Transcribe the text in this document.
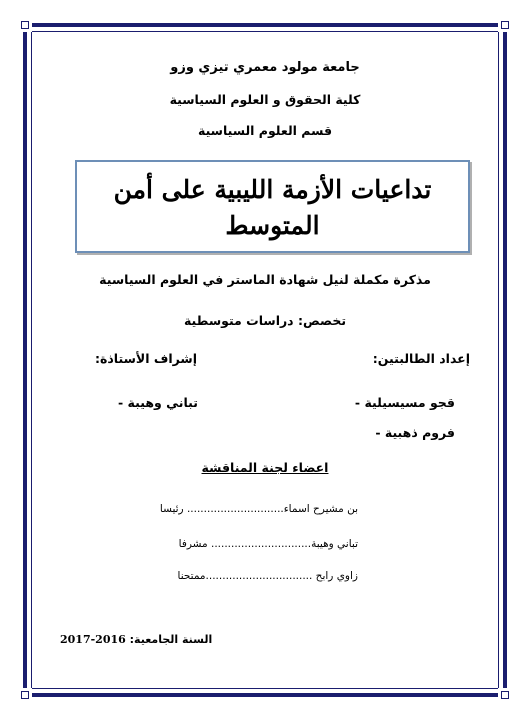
جامعة مولود معمري تيزي وزو
كلية الحقوق و العلوم السياسية
قسم العلوم السياسية
تداعيات الأزمة الليبية على أمن
المتوسط
مذكرة مكملة لنيل شهادة الماستر في العلوم السياسية
تخصص: دراسات متوسطية
إعداد الطالبتين:
إشراف الأستاذة:
قجو مسيسيلية -
فروم ذهبية -
تباني وهيبة -
اعضاء لجنة المناقشة
بن مشيرح اسماء............................. رئيسا
تباني وهيبة.............................. مشرفا
زاوي رابح ................................ممتحنا
السنة الجامعية: 2017-2016
